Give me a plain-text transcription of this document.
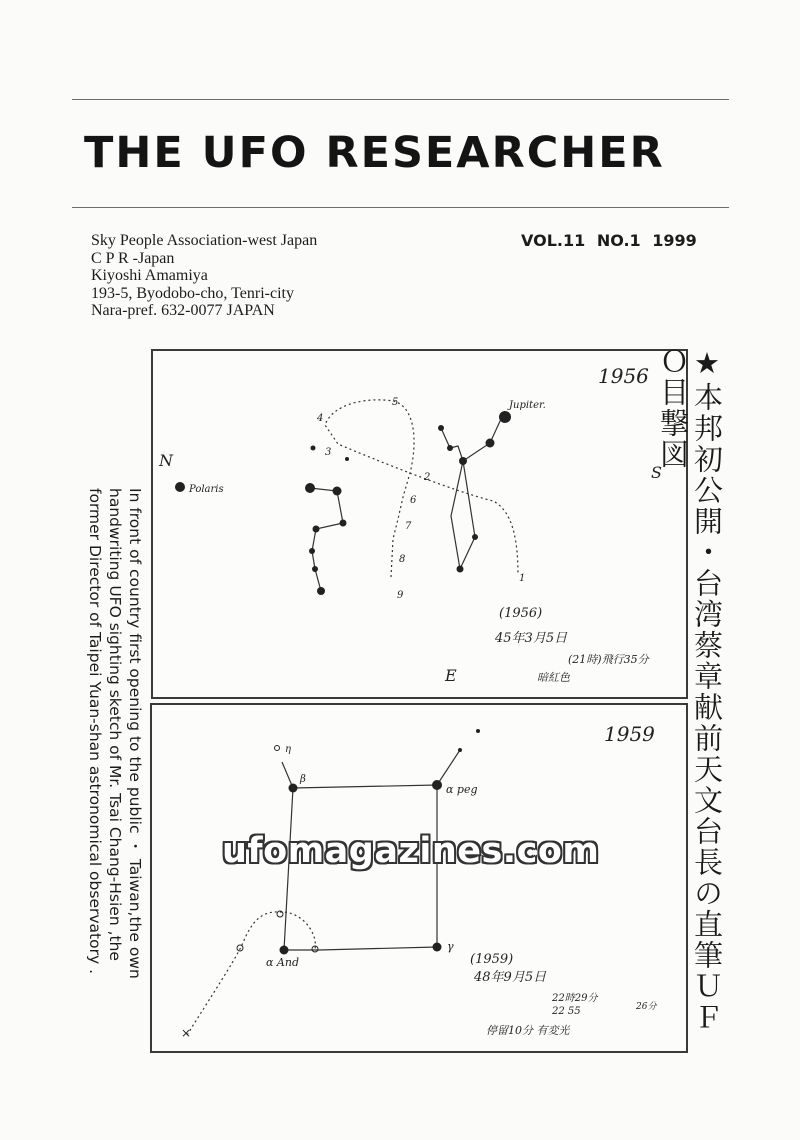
THE UFO RESEARCHER
Sky People Association-west Japan
C P R -Japan
Kiyoshi Amamiya
193-5, Byodobo-cho, Tenri-city
Nara-pref. 632-0077 JAPAN
VOL.11 NO.1 1999
1956
N
S
E
Polaris
Jupiter.
1
2
3
4
5
6
7
8
9
(1956)
45年3月5日
(21時)飛行35分
暗紅色
1959
η
β
α peg
α And
γ
×
(1959)
48年9月5日
22時29分
22 55	26分
停留10分 有変光
In front of country first opening to the public ・ Taiwan,the own
handwriting UFO sighting sketch of Mr. Tsai Chang-Hsien ,the
former Director of Taipei Yuan-shan astronomical observatory .	★本邦初公開・台湾蔡章献前天文台長の直筆ＵＦＯ目撃図
ufomagazines.com
